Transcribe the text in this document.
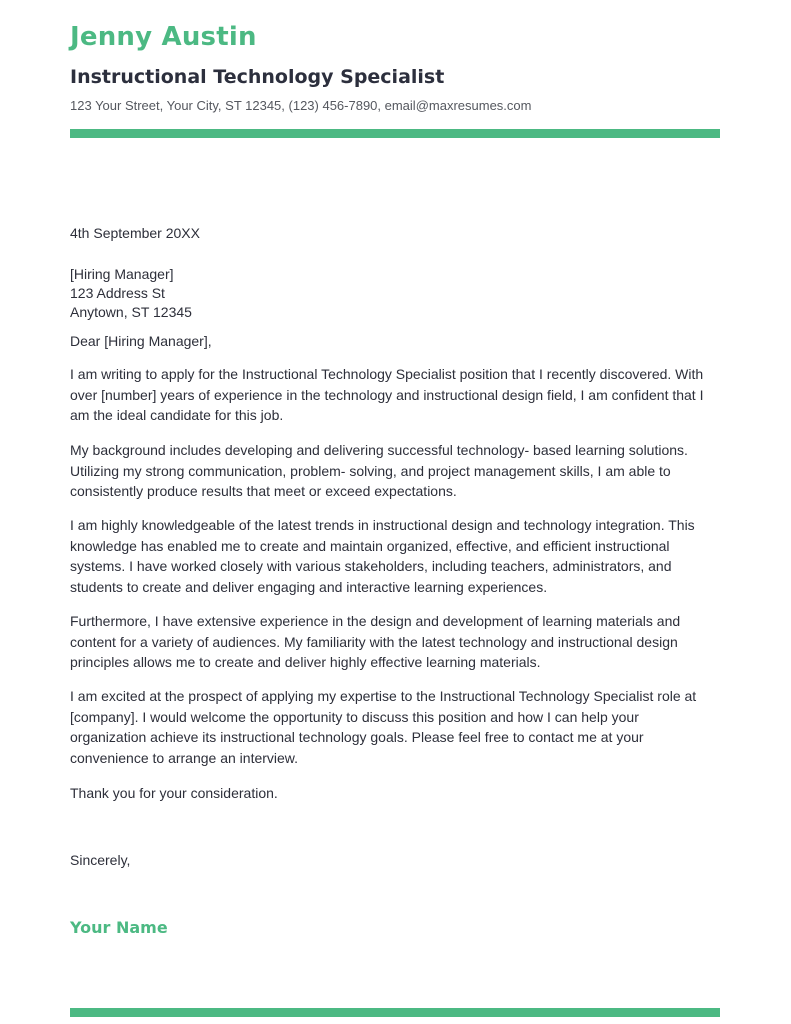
Jenny Austin
Instructional Technology Specialist
123 Your Street, Your City, ST 12345, (123) 456-7890, email@maxresumes.com

4th September 20XX

[Hiring Manager]
123 Address St
Anytown, ST 12345

Dear [Hiring Manager],

I am writing to apply for the Instructional Technology Specialist position that I recently discovered. With over [number] years of experience in the technology and instructional design field, I am confident that I am the ideal candidate for this job.

My background includes developing and delivering successful technology- based learning solutions. Utilizing my strong communication, problem- solving, and project management skills, I am able to consistently produce results that meet or exceed expectations.

I am highly knowledgeable of the latest trends in instructional design and technology integration. This knowledge has enabled me to create and maintain organized, effective, and efficient instructional systems. I have worked closely with various stakeholders, including teachers, administrators, and students to create and deliver engaging and interactive learning experiences.

Furthermore, I have extensive experience in the design and development of learning materials and content for a variety of audiences. My familiarity with the latest technology and instructional design principles allows me to create and deliver highly effective learning materials.

I am excited at the prospect of applying my expertise to the Instructional Technology Specialist role at [company]. I would welcome the opportunity to discuss this position and how I can help your organization achieve its instructional technology goals. Please feel free to contact me at your convenience to arrange an interview.

Thank you for your consideration.

Sincerely,

Your Name
